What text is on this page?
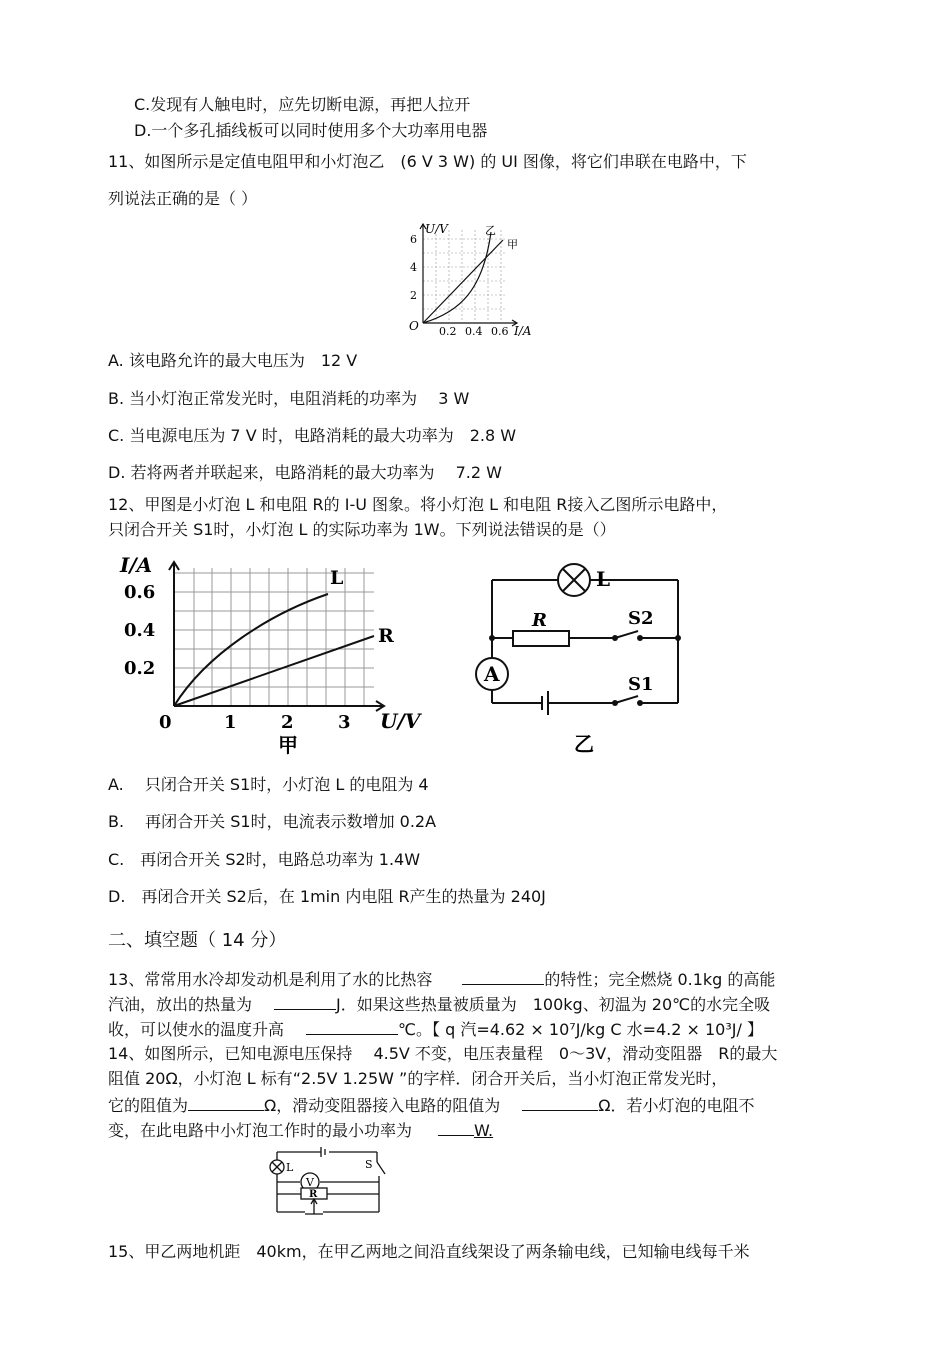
C.发现有人触电时，应先切断电源，再把人拉开
D.一个多孔插线板可以同时使用多个大功率用电器
11、如图所示是定值电阻甲和小灯泡乙　(6 V 3 W) 的 UI 图像，将它们串联在电路中，下
列说法正确的是（ ）
U/V
6
4
2
O 0.2 0.4 0.6 I/A
乙
甲
A. 该电路允许的最大电压为　12 V
B. 当小灯泡正常发光时，电阻消耗的功率为　 3 W
C. 当电源电压为 7 V 时，电路消耗的最大功率为　2.8 W
D. 若将两者并联起来，电路消耗的最大功率为　 7.2 W
12、甲图是小灯泡 L 和电阻 R的 I-U 图象。将小灯泡 L 和电阻 R接入乙图所示电路中，
只闭合开关 S1时，小灯泡 L 的实际功率为 1W。下列说法错误的是（）
I/A
0.6
0.4
0.2
0	1 2 3 U/V
L
R
甲
L
R	S2
S1
A
乙
A.　 只闭合开关 S1时，小灯泡 L 的电阻为 4
B.　 再闭合开关 S1时，电流表示数增加 0.2A
C.　再闭合开关 S2时，电路总功率为 1.4W
D.　再闭合开关 S2后，在 1min 内电阻 R产生的热量为 240J
二、填空题（ 14 分）
13、常常用水冷却发动机是利用了水的比热容	的特性；完全燃烧 0.1kg 的高能
汽油，放出的热量为	J．如果这些热量被质量为　100kg、初温为 20℃的水完全吸
收，可以使水的温度升高	℃。【 q 汽=4.62 × 10⁷J/kg C 水=4.2 × 10³J/ 】
14、如图所示，已知电源电压保持　 4.5V 不变，电压表量程　0～3V，滑动变阻器　R的最大
阻值 20Ω，小灯泡 L 标有“2.5V 1.25W ”的字样．闭合开关后，当小灯泡正常发光时，
它的阻值为	Ω，滑动变阻器接入电路的阻值为	Ω．若小灯泡的电阻不
变，在此电路中小灯泡工作时的最小功率为	W.
L	S
V
R
15、甲乙两地机距　40km，在甲乙两地之间沿直线架设了两条输电线，已知输电线每千米
